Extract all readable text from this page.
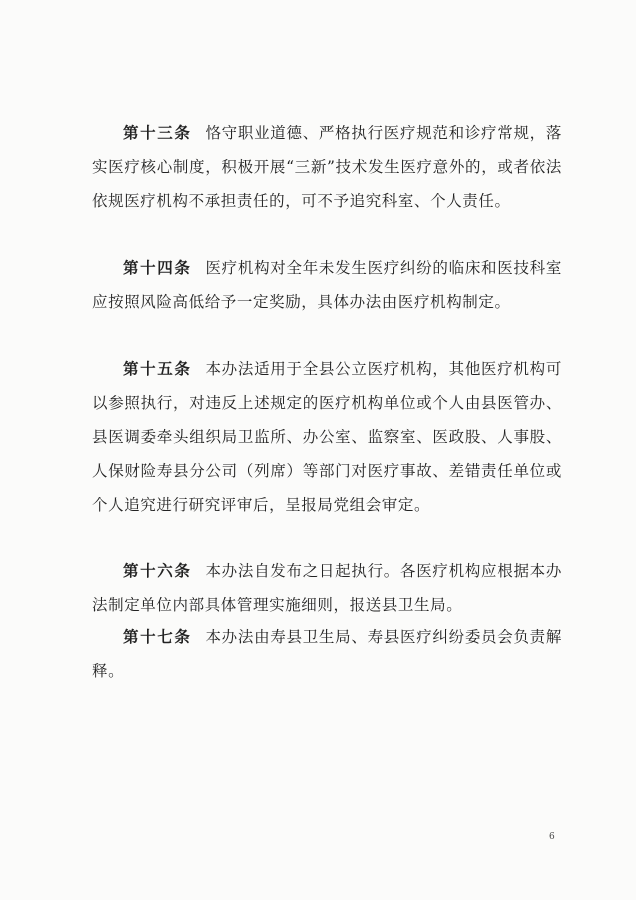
第十三条 恪守职业道德、严格执行医疗规范和诊疗常规，落实医疗核心制度，积极开展“三新”技术发生医疗意外的，或者依法依规医疗机构不承担责任的，可不予追究科室、个人责任。

第十四条 医疗机构对全年未发生医疗纠纷的临床和医技科室应按照风险高低给予一定奖励，具体办法由医疗机构制定。

第十五条 本办法适用于全县公立医疗机构，其他医疗机构可以参照执行，对违反上述规定的医疗机构单位或个人由县医管办、县医调委牵头组织局卫监所、办公室、监察室、医政股、人事股、人保财险寿县分公司（列席）等部门对医疗事故、差错责任单位或个人追究进行研究评审后，呈报局党组会审定。

第十六条 本办法自发布之日起执行。各医疗机构应根据本办法制定单位内部具体管理实施细则，报送县卫生局。

第十七条 本办法由寿县卫生局、寿县医疗纠纷委员会负责解释。

6
